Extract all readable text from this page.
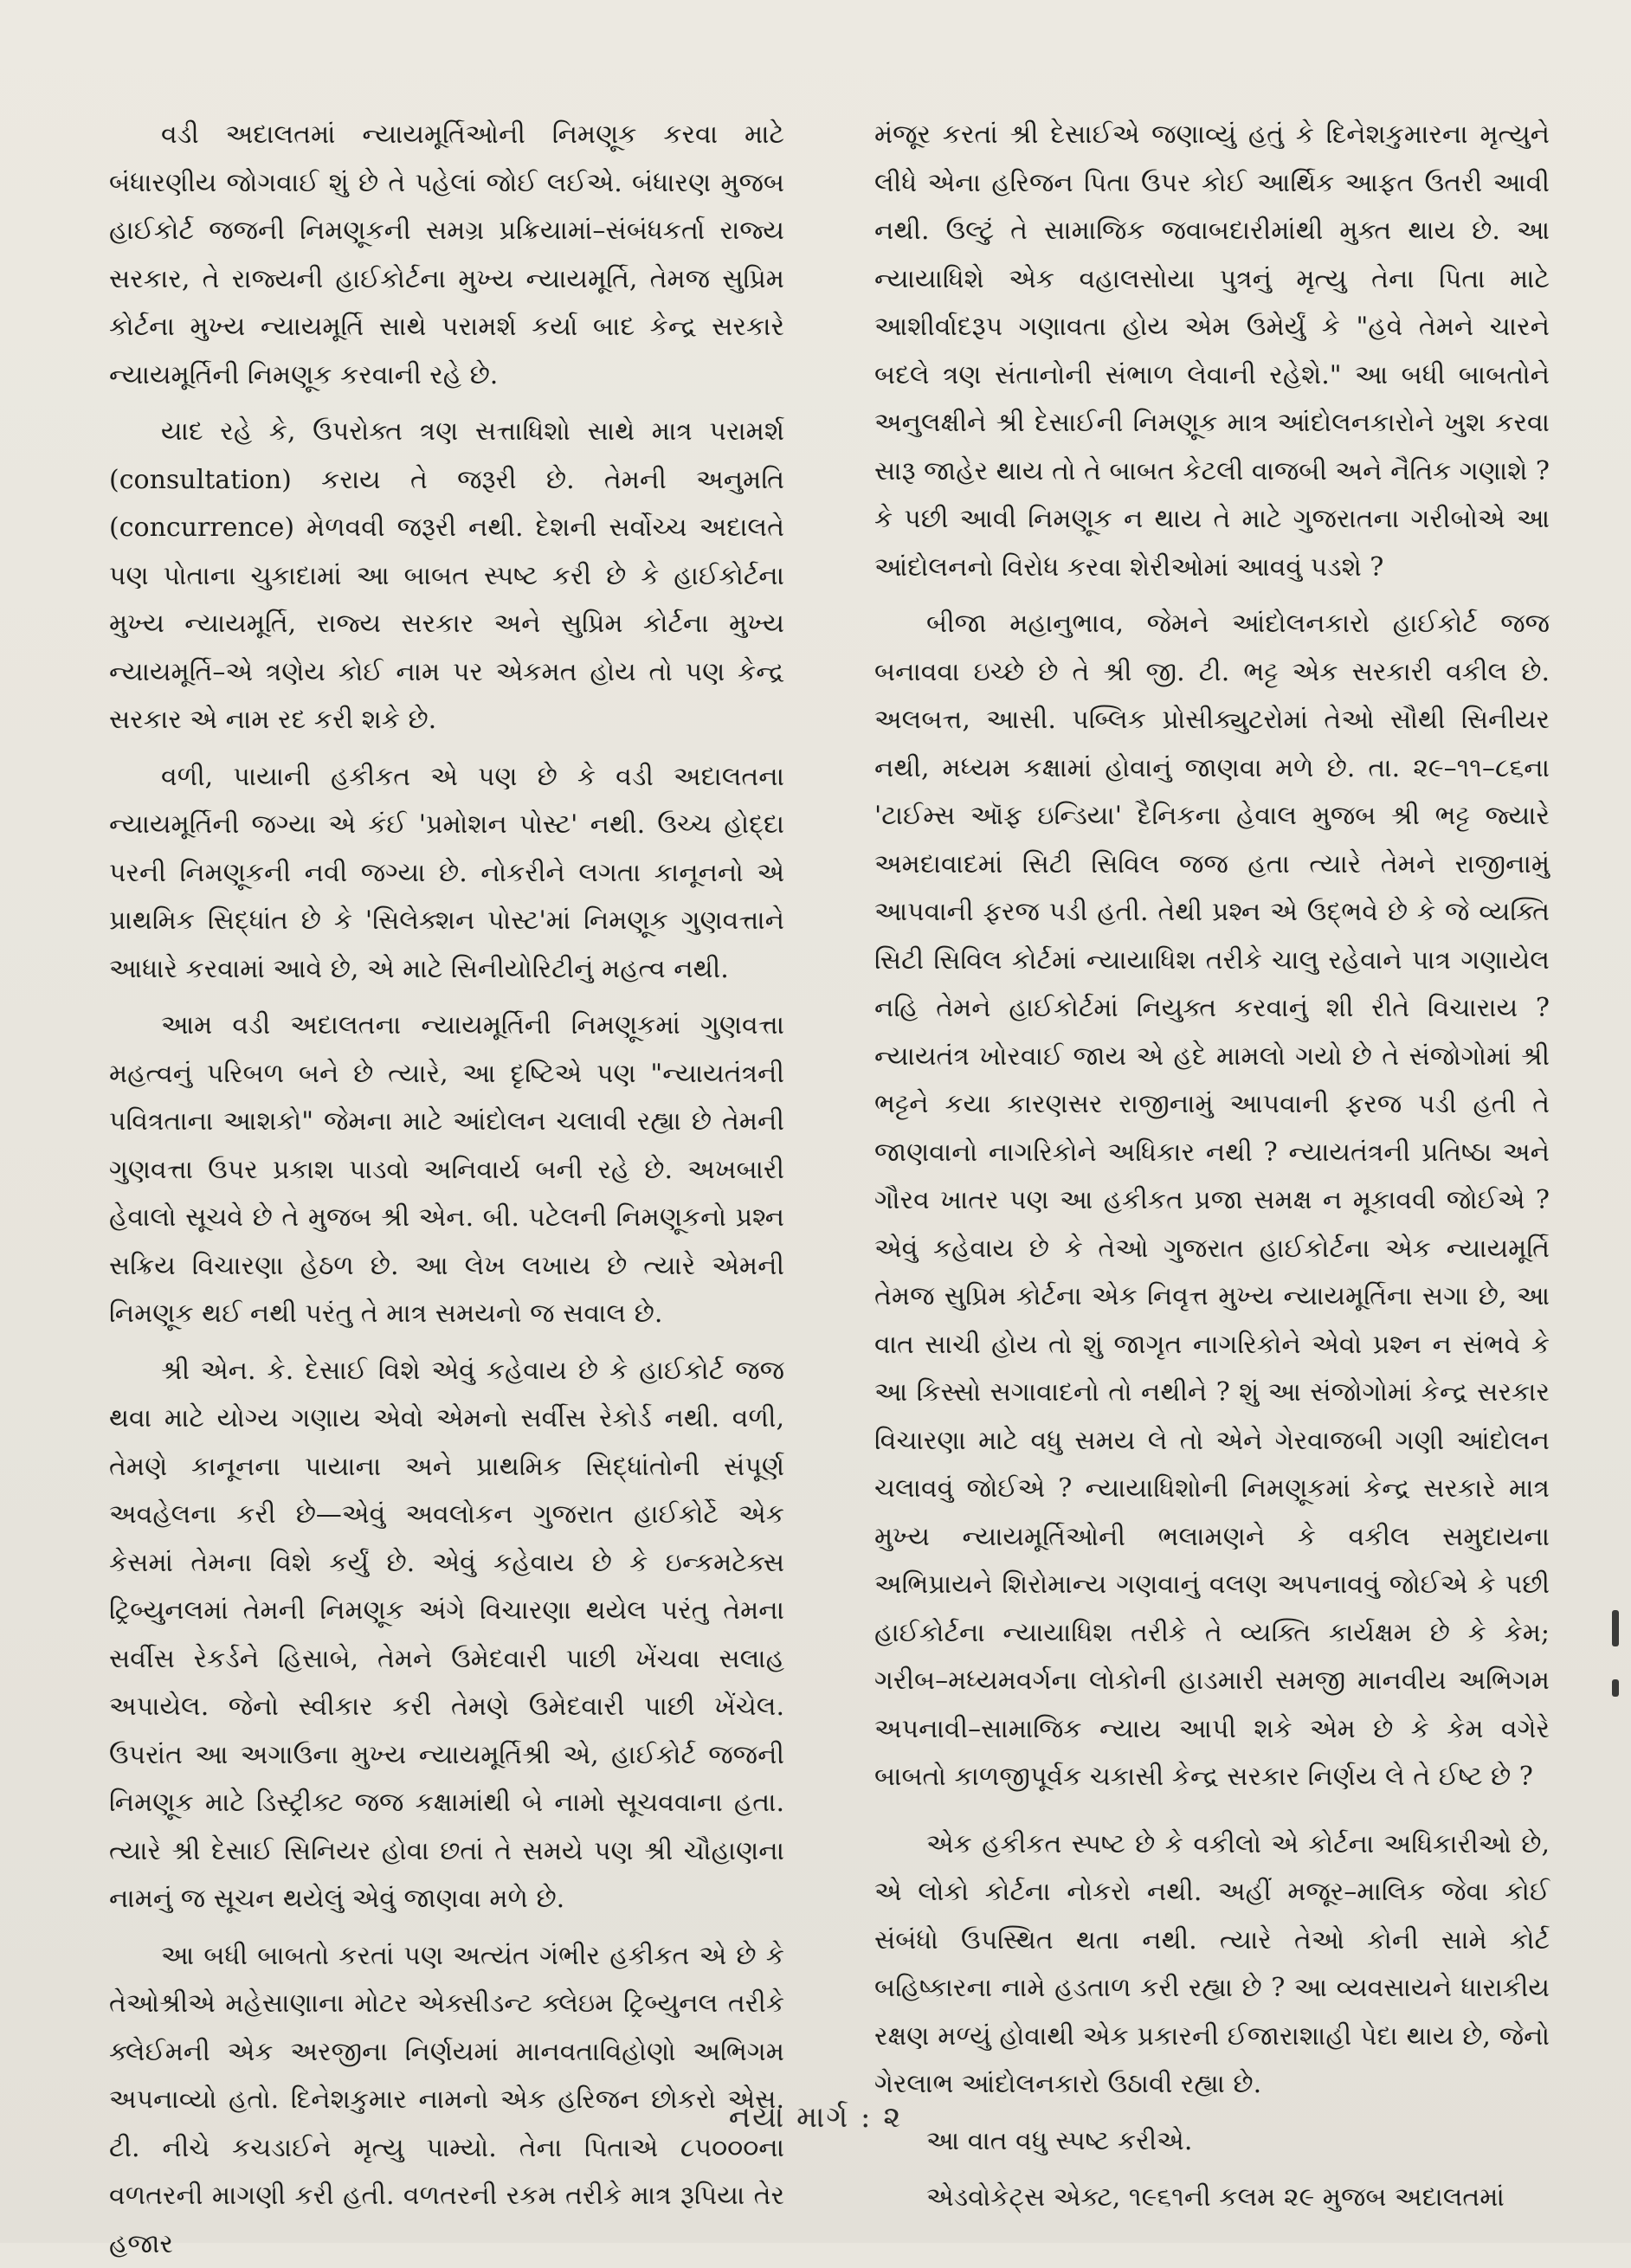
વડી અદાલતમાં ન્યાયમૂર્તિઓની નિમણૂક કરવા માટે બંધારણીય જોગવાઈ શું છે તે પહેલાં જોઈ લઈએ. બંધારણ મુજબ હાઈકોર્ટ જજની નિમણૂકની સમગ્ર પ્રક્રિયામાં–સંબંધકર્તા રાજ્ય સરકાર, તે રાજ્યની હાઈકોર્ટના મુખ્ય ન્યાયમૂર્તિ, તેમજ સુપ્રિમ કોર્ટના મુખ્ય ન્યાયમૂર્તિ સાથે પરામર્શ કર્યા બાદ કેન્દ્ર સરકારે ન્યાયમૂર્તિની નિમણૂક કરવાની રહે છે.

યાદ રહે કે, ઉપરોક્ત ત્રણ સત્તાધિશો સાથે માત્ર પરામર્શ (consultation) કરાય તે જરૂરી છે. તેમની અનુમતિ (concurrence) મેળવવી જરૂરી નથી. દેશની સર્વોચ્ચ અદાલતે પણ પોતાના ચુકાદામાં આ બાબત સ્પષ્ટ કરી છે કે હાઈકોર્ટના મુખ્ય ન્યાયમૂર્તિ, રાજ્ય સરકાર અને સુપ્રિમ કોર્ટના મુખ્ય ન્યાયમૂર્તિ–એ ત્રણેય કોઈ નામ પર એકમત હોય તો પણ કેન્દ્ર સરકાર એ નામ રદ કરી શકે છે.

વળી, પાયાની હકીકત એ પણ છે કે વડી અદાલતના ન્યાયમૂર્તિની જગ્યા એ કંઈ 'પ્રમોશન પોસ્ટ' નથી. ઉચ્ચ હોદ્દા પરની નિમણૂકની નવી જગ્યા છે. નોકરીને લગતા કાનૂનનો એ પ્રાથમિક સિદ્ધાંત છે કે 'સિલેક્શન પોસ્ટ'માં નિમણૂક ગુણવત્તાને આધારે કરવામાં આવે છે, એ માટે સિનીયોરિટીનું મહત્વ નથી.

આમ વડી અદાલતના ન્યાયમૂર્તિની નિમણૂકમાં ગુણવત્તા મહત્વનું પરિબળ બને છે ત્યારે, આ દૃષ્ટિએ પણ "ન્યાયતંત્રની પવિત્રતાના આશકો" જેમના માટે આંદોલન ચલાવી રહ્યા છે તેમની ગુણવત્તા ઉપર પ્રકાશ પાડવો અનિવાર્ય બની રહે છે. અખબારી હેવાલો સૂચવે છે તે મુજબ શ્રી એન. બી. પટેલની નિમણૂકનો પ્રશ્ન સક્રિય વિચારણા હેઠળ છે. આ લેખ લખાય છે ત્યારે એમની નિમણૂક થઈ નથી પરંતુ તે માત્ર સમયનો જ સવાલ છે.

શ્રી એન. કે. દેસાઈ વિશે એવું કહેવાય છે કે હાઈકોર્ટ જજ થવા માટે યોગ્ય ગણાય એવો એમનો સર્વીસ રેકોર્ડ નથી. વળી, તેમણે કાનૂનના પાયાના અને પ્રાથમિક સિદ્ધાંતોની સંપૂર્ણ અવહેલના કરી છે—એવું અવલોકન ગુજરાત હાઈકોર્ટે એક કેસમાં તેમના વિશે કર્યું છે. એવું કહેવાય છે કે ઇન્કમટેક્સ ટ્રિબ્યુનલમાં તેમની નિમણૂક અંગે વિચારણા થયેલ પરંતુ તેમના સર્વીસ રેકર્ડને હિસાબે, તેમને ઉમેદવારી પાછી ખેંચવા સલાહ અપાયેલ. જેનો સ્વીકાર કરી તેમણે ઉમેદવારી પાછી ખેંચેલ. ઉપરાંત આ અગાઉના મુખ્ય ન્યાયમૂર્તિશ્રી એ, હાઈકોર્ટ જજની નિમણૂક માટે ડિસ્ટ્રીક્ટ જજ કક્ષામાંથી બે નામો સૂચવવાના હતા. ત્યારે શ્રી દેસાઈ સિનિયર હોવા છતાં તે સમયે પણ શ્રી ચૌહાણના નામનું જ સૂચન થયેલું એવું જાણવા મળે છે.

આ બધી બાબતો કરતાં પણ અત્યંત ગંભીર હકીકત એ છે કે તેઓશ્રીએ મહેસાણાના મોટર એક્સીડન્ટ ક્લેઇમ ટ્રિબ્યુનલ તરીકે ક્લેઈમની એક અરજીના નિર્ણયમાં માનવતાવિહોણો અભિગમ અપનાવ્યો હતો. દિનેશકુમાર નામનો એક હરિજન છોકરો એસ. ટી. નીચે કચડાઈને મૃત્યુ પામ્યો. તેના પિતાએ ૮૫૦૦૦ના વળતરની માગણી કરી હતી. વળતરની રકમ તરીકે માત્ર રૂપિયા તેર હજાર

મંજૂર કરતાં શ્રી દેસાઈએ જણાવ્યું હતું કે દિનેશકુમારના મૃત્યુને લીધે એના હરિજન પિતા ઉપર કોઈ આર્થિક આફત ઉતરી આવી નથી. ઉલ્ટું તે સામાજિક જવાબદારીમાંથી મુક્ત થાય છે. આ ન્યાયાધિશે એક વહાલસોયા પુત્રનું મૃત્યુ તેના પિતા માટે આશીર્વાદરૂપ ગણાવતા હોય એમ ઉમેર્યું કે "હવે તેમને ચારને બદલે ત્રણ સંતાનોની સંભાળ લેવાની રહેશે." આ બધી બાબતોને અનુલક્ષીને શ્રી દેસાઈની નિમણૂક માત્ર આંદોલનકારોને ખુશ કરવા સારૂ જાહેર થાય તો તે બાબત કેટલી વાજબી અને નૈતિક ગણાશે ? કે પછી આવી નિમણૂક ન થાય તે માટે ગુજરાતના ગરીબોએ આ આંદોલનનો વિરોધ કરવા શેરીઓમાં આવવું પડશે ?

બીજા મહાનુભાવ, જેમને આંદોલનકારો હાઈકોર્ટ જજ બનાવવા ઇચ્છે છે તે શ્રી જી. ટી. ભટ્ટ એક સરકારી વકીલ છે. અલબત્ત, આસી. પબ્લિક પ્રોસીક્યુટરોમાં તેઓ સૌથી સિનીયર નથી, મધ્યમ કક્ષામાં હોવાનું જાણવા મળે છે. તા. ૨૯–૧૧–૮૬ના 'ટાઈમ્સ ઑફ ઇન્ડિયા' દૈનિકના હેવાલ મુજબ શ્રી ભટ્ટ જ્યારે અમદાવાદમાં સિટી સિવિલ જજ હતા ત્યારે તેમને રાજીનામું આપવાની ફરજ પડી હતી. તેથી પ્રશ્ન એ ઉદ્‌ભવે છે કે જે વ્યક્તિ સિટી સિવિલ કોર્ટમાં ન્યાયાધિશ તરીકે ચાલુ રહેવાને પાત્ર ગણાયેલ નહિ તેમને હાઈકોર્ટમાં નિયુક્ત કરવાનું શી રીતે વિચારાય ? ન્યાયતંત્ર ખોરવાઈ જાય એ હદે મામલો ગયો છે તે સંજોગોમાં શ્રી ભટ્ટને કયા કારણસર રાજીનામું આપવાની ફરજ પડી હતી તે જાણવાનો નાગરિકોને અધિકાર નથી ? ન્યાયતંત્રની પ્રતિષ્ઠા અને ગૌરવ ખાતર પણ આ હકીકત પ્રજા સમક્ષ ન મૂકાવવી જોઈએ ? એવું કહેવાય છે કે તેઓ ગુજરાત હાઈકોર્ટના એક ન્યાયમૂર્તિ તેમજ સુપ્રિમ કોર્ટના એક નિવૃત્ત મુખ્ય ન્યાયમૂર્તિના સગા છે, આ વાત સાચી હોય તો શું જાગૃત નાગરિકોને એવો પ્રશ્ન ન સંભવે કે આ કિસ્સો સગાવાદનો તો નથીને ? શું આ સંજોગોમાં કેન્દ્ર સરકાર વિચારણા માટે વધુ સમય લે તો એને ગેરવાજબી ગણી આંદોલન ચલાવવું જોઈએ ? ન્યાયાધિશોની નિમણૂકમાં કેન્દ્ર સરકારે માત્ર મુખ્ય ન્યાયમૂર્તિઓની ભલામણને કે વકીલ સમુદાયના અભિપ્રાયને શિરોમાન્ય ગણવાનું વલણ અપનાવવું જોઈએ કે પછી હાઈકોર્ટના ન્યાયાધિશ તરીકે તે વ્યક્તિ કાર્યક્ષમ છે કે કેમ; ગરીબ–મધ્યમવર્ગના લોકોની હાડમારી સમજી માનવીય અભિગમ અપનાવી–સામાજિક ન્યાય આપી શકે એમ છે કે કેમ વગેરે બાબતો કાળજીપૂર્વક ચકાસી કેન્દ્ર સરકાર નિર્ણય લે તે ઈષ્ટ છે ?

એક હકીકત સ્પષ્ટ છે કે વકીલો એ કોર્ટના અધિકારીઓ છે, એ લોકો કોર્ટના નોકરો નથી. અહીં મજૂર–માલિક જેવા કોઈ સંબંધો ઉપસ્થિત થતા નથી. ત્યારે તેઓ કોની સામે કોર્ટ બહિષ્કારના નામે હડતાળ કરી રહ્યા છે ? આ વ્યવસાયને ધારાકીય રક્ષણ મળ્યું હોવાથી એક પ્રકારની ઈજારાશાહી પેદા થાય છે, જેનો ગેરલાભ આંદોલનકારો ઉઠાવી રહ્યા છે.

આ વાત વધુ સ્પષ્ટ કરીએ.

એડવોકેટ્સ એક્ટ, ૧૯૬૧ની કલમ ૨૯ મુજબ અદાલતમાં

નયા માર્ગ : ૨
